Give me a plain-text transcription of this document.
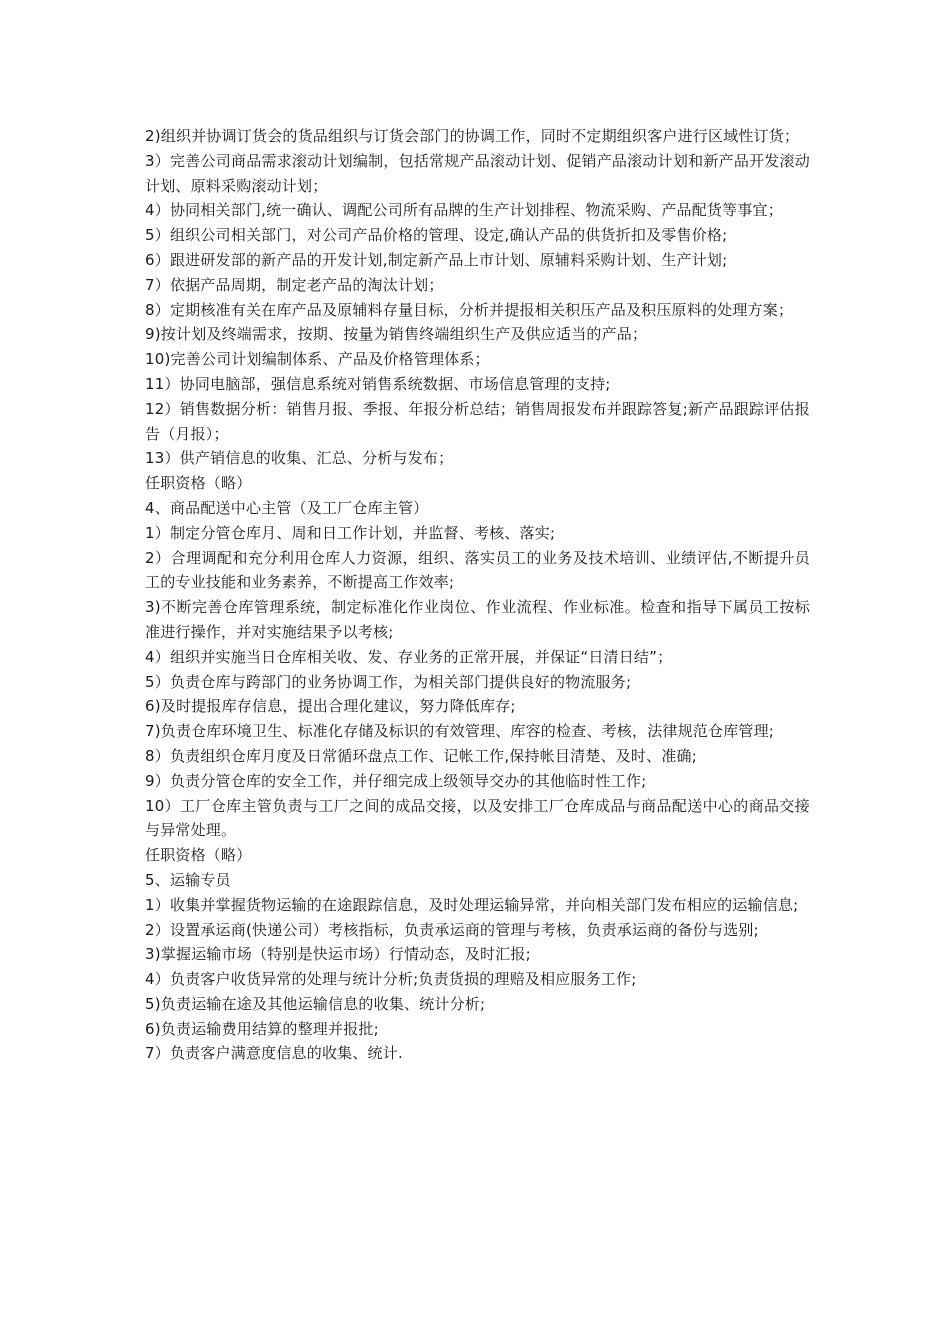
2)组织并协调订货会的货品组织与订货会部门的协调工作，同时不定期组织客户进行区域性订货；

3）完善公司商品需求滚动计划编制，包括常规产品滚动计划、促销产品滚动计划和新产品开发滚动计划、原料采购滚动计划；

4）协同相关部门,统一确认、调配公司所有品牌的生产计划排程、物流采购、产品配货等事宜；

5）组织公司相关部门，对公司产品价格的管理、设定,确认产品的供货折扣及零售价格;

6）跟进研发部的新产品的开发计划,制定新产品上市计划、原辅料采购计划、生产计划;

7）依据产品周期，制定老产品的淘汰计划；

8）定期核准有关在库产品及原辅料存量目标，分析并提报相关积压产品及积压原料的处理方案；

9)按计划及终端需求，按期、按量为销售终端组织生产及供应适当的产品；

10)完善公司计划编制体系、产品及价格管理体系；

11）协同电脑部，强信息系统对销售系统数据、市场信息管理的支持;

12）销售数据分析：销售月报、季报、年报分析总结；销售周报发布并跟踪答复;新产品跟踪评估报告（月报）；

13）供产销信息的收集、汇总、分析与发布；

任职资格（略）

4、商品配送中心主管（及工厂仓库主管）

1）制定分管仓库月、周和日工作计划，并监督、考核、落实;

2）合理调配和充分利用仓库人力资源，组织、落实员工的业务及技术培训、业绩评估,不断提升员工的专业技能和业务素养，不断提高工作效率;

3)不断完善仓库管理系统，制定标准化作业岗位、作业流程、作业标准。检查和指导下属员工按标准进行操作，并对实施结果予以考核;

4）组织并实施当日仓库相关收、发、存业务的正常开展，并保证“日清日结”；

5）负责仓库与跨部门的业务协调工作，为相关部门提供良好的物流服务;

6)及时提报库存信息，提出合理化建议，努力降低库存;

7)负责仓库环境卫生、标准化存储及标识的有效管理、库容的检查、考核，法律规范仓库管理;

8）负责组织仓库月度及日常循环盘点工作、记帐工作,保持帐目清楚、及时、准确;

9）负责分管仓库的安全工作，并仔细完成上级领导交办的其他临时性工作;

10）工厂仓库主管负责与工厂之间的成品交接，以及安排工厂仓库成品与商品配送中心的商品交接与异常处理。

任职资格（略）

5、运输专员

1）收集并掌握货物运输的在途跟踪信息，及时处理运输异常，并向相关部门发布相应的运输信息;

2）设置承运商(快递公司）考核指标，负责承运商的管理与考核，负责承运商的备份与选别;

3)掌握运输市场（特别是快运市场）行情动态，及时汇报;

4）负责客户收货异常的处理与统计分析;负责货损的理赔及相应服务工作;

5)负责运输在途及其他运输信息的收集、统计分析;

6)负责运输费用结算的整理并报批;

7）负责客户满意度信息的收集、统计.
